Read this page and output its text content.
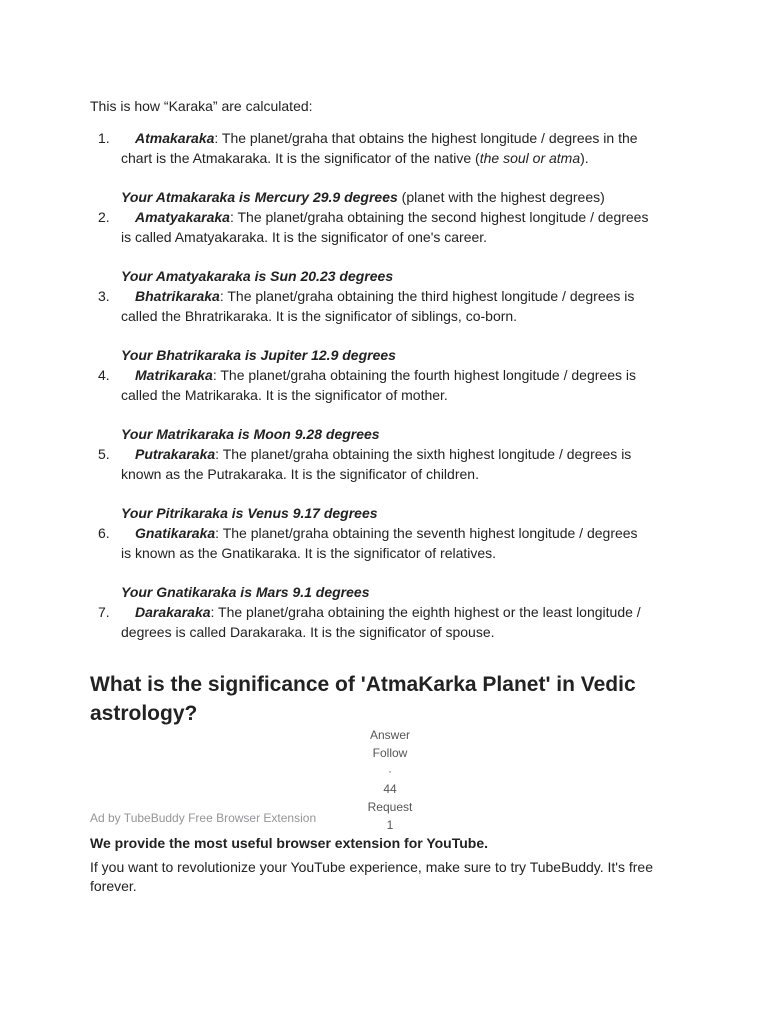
This is how “Karaka” are calculated:
1.	Atmakaraka: The planet/graha that obtains the highest longitude / degrees in the chart is the Atmakaraka. It is the significator of the native (the soul or atma).
Your Atmakaraka is Mercury 29.9 degrees (planet with the highest degrees)
2.	Amatyakaraka: The planet/graha obtaining the second highest longitude / degrees is called Amatyakaraka. It is the significator of one's career.
Your Amatyakaraka is Sun 20.23 degrees
3.	Bhatrikaraka: The planet/graha obtaining the third highest longitude / degrees is called the Bhratrikaraka. It is the significator of siblings, co-born.
Your Bhatrikaraka is Jupiter 12.9 degrees
4.	Matrikaraka: The planet/graha obtaining the fourth highest longitude / degrees is called the Matrikaraka. It is the significator of mother.
Your Matrikaraka is Moon 9.28 degrees
5.	Putrakaraka: The planet/graha obtaining the sixth highest longitude / degrees is known as the Putrakaraka. It is the significator of children.
Your Pitrikaraka is Venus 9.17 degrees
6.	Gnatikaraka: The planet/graha obtaining the seventh highest longitude / degrees is known as the Gnatikaraka. It is the significator of relatives.
Your Gnatikaraka is Mars 9.1 degrees
7.	Darakaraka: The planet/graha obtaining the eighth highest or the least longitude / degrees is called Darakaraka. It is the significator of spouse.
What is the significance of 'AtmaKarka Planet' in Vedic astrology?
Answer
Follow
·
44
Request
1
Ad by TubeBuddy Free Browser Extension
We provide the most useful browser extension for YouTube.
If you want to revolutionize your YouTube experience, make sure to try TubeBuddy. It's free forever.
